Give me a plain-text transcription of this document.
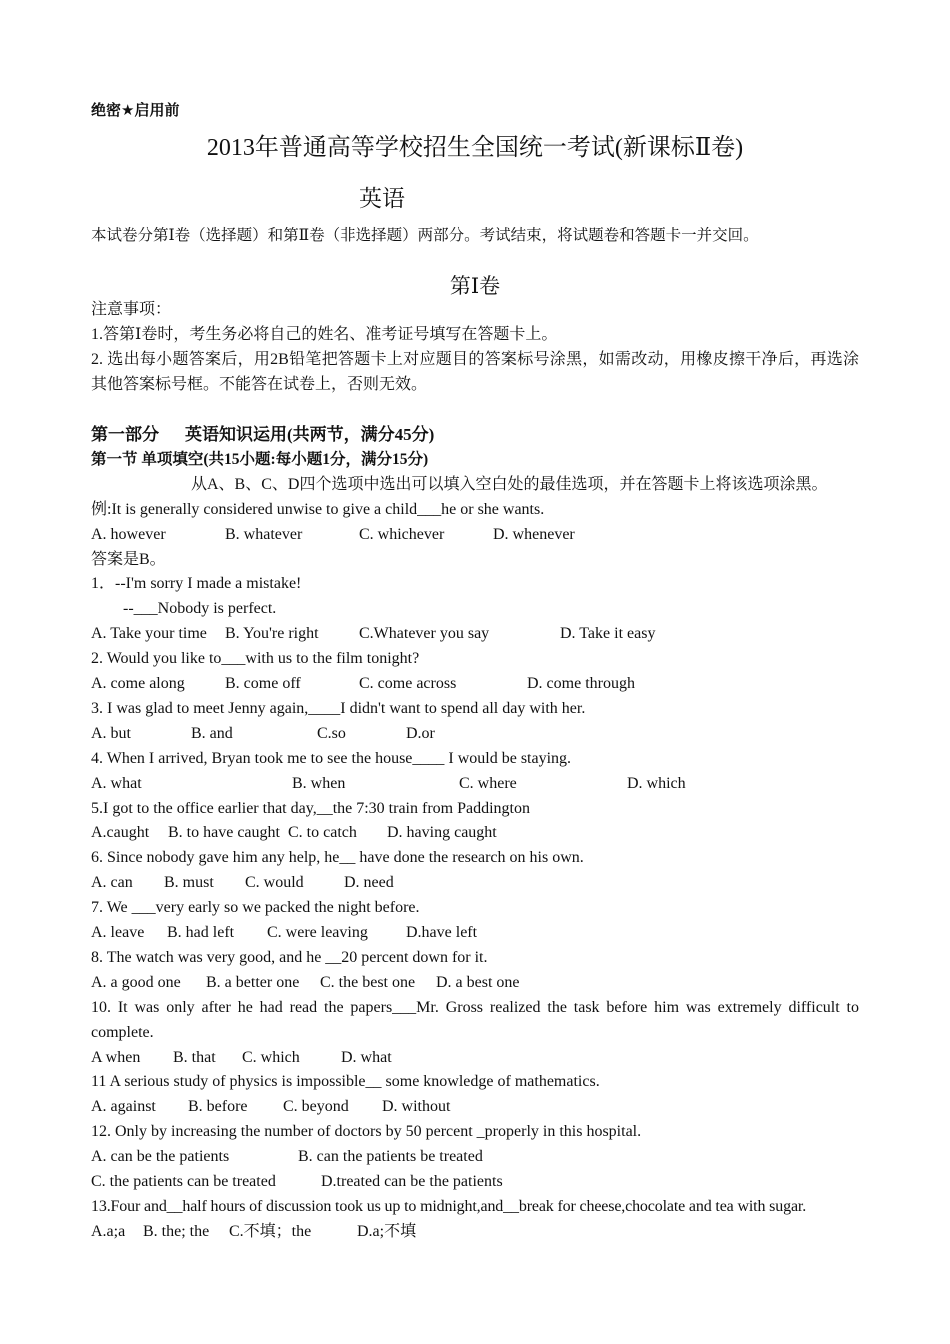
绝密★启用前
2013年普通高等学校招生全国统一考试(新课标Ⅱ卷)
英语
本试卷分第Ⅰ卷（选择题）和第Ⅱ卷（非选择题）两部分。考试结束，将试题卷和答题卡一并交回。
第Ⅰ卷
注意事项：
1.答第Ⅰ卷时，考生务必将自己的姓名、准考证号填写在答题卡上。
2. 选出每小题答案后，用2B铅笔把答题卡上对应题目的答案标号涂黑，如需改动，用橡皮擦干净后，再选涂其他答案标号框。不能答在试卷上，否则无效。
第一部分 英语知识运用(共两节，满分45分)
第一节 单项填空(共15小题:每小题1分，满分15分)
从A、B、C、D四个选项中选出可以填入空白处的最佳选项，并在答题卡上将该选项涂黑。
例:It is generally considered unwise to give a child___he or she wants.
A. however	B. whatever	C. whichever	D. whenever
答案是B。
1．--I'm sorry I made a mistake!
--___Nobody is perfect.
A. Take your time B. You're right	C.Whatever you say	D. Take it easy
2. Would you like to___with us to the film tonight?
A. come along	B. come off	C. come across	D. come through
3. I was glad to meet Jenny again,____I didn't want to spend all day with her.
A. but	B. and	C.so	D.or
4. When I arrived, Bryan took me to see the house____ I would be staying.
A. what	B. when	C. where	D. which
5.I got to the office earlier that day,__the 7:30 train from Paddington
A.caught B. to have caught C. to catch D. having caught
6. Since nobody gave him any help, he__ have done the research on his own.
A. can B. must C. would	D. need
7. We ___very early so we packed the night before.
A. leave B. had left C. were leaving D.have left
8. The watch was very good, and he __20 percent down for it.
A. a good one B. a better one C. the best one D. a best one
10. It was only after he had read the papers___Mr. Gross realized the task before him was extremely difficult to complete.
A when B. that C. which	D. what
11 A serious study of physics is impossible__ some knowledge of mathematics.
A. against B. before C. beyond D. without
12. Only by increasing the number of doctors by 50 percent _properly in this hospital.
A. can be the patients	B. can the patients be treated
C. the patients can be treated	D.treated can be the patients
13.Four and__half hours of discussion took us up to midnight,and__break for cheese,chocolate and tea with sugar.
A.a;a B. the; the C.不填；the	D.a;不填
